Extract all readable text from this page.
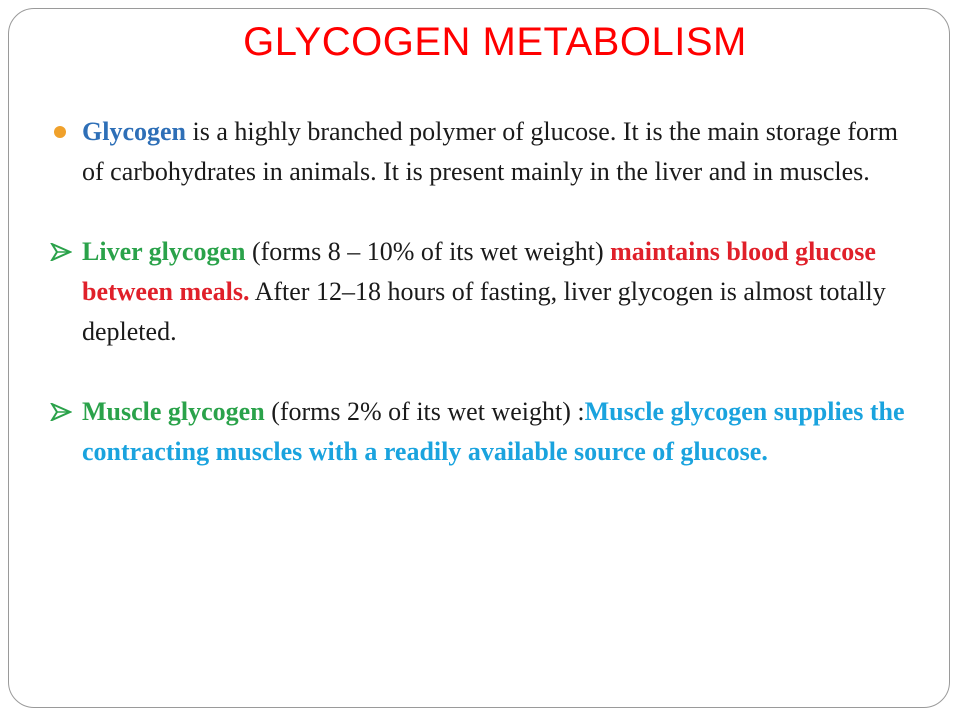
GLYCOGEN METABOLISM

Glycogen is a highly branched polymer of glucose. It is the main storage form of carbohydrates in animals. It is present mainly in the liver and in muscles.

Liver glycogen (forms 8 – 10% of its wet weight) maintains blood glucose between meals. After 12–18 hours of fasting, liver glycogen is almost totally depleted.

Muscle glycogen (forms 2% of its wet weight) :Muscle glycogen supplies the contracting muscles with a readily available source of glucose.
